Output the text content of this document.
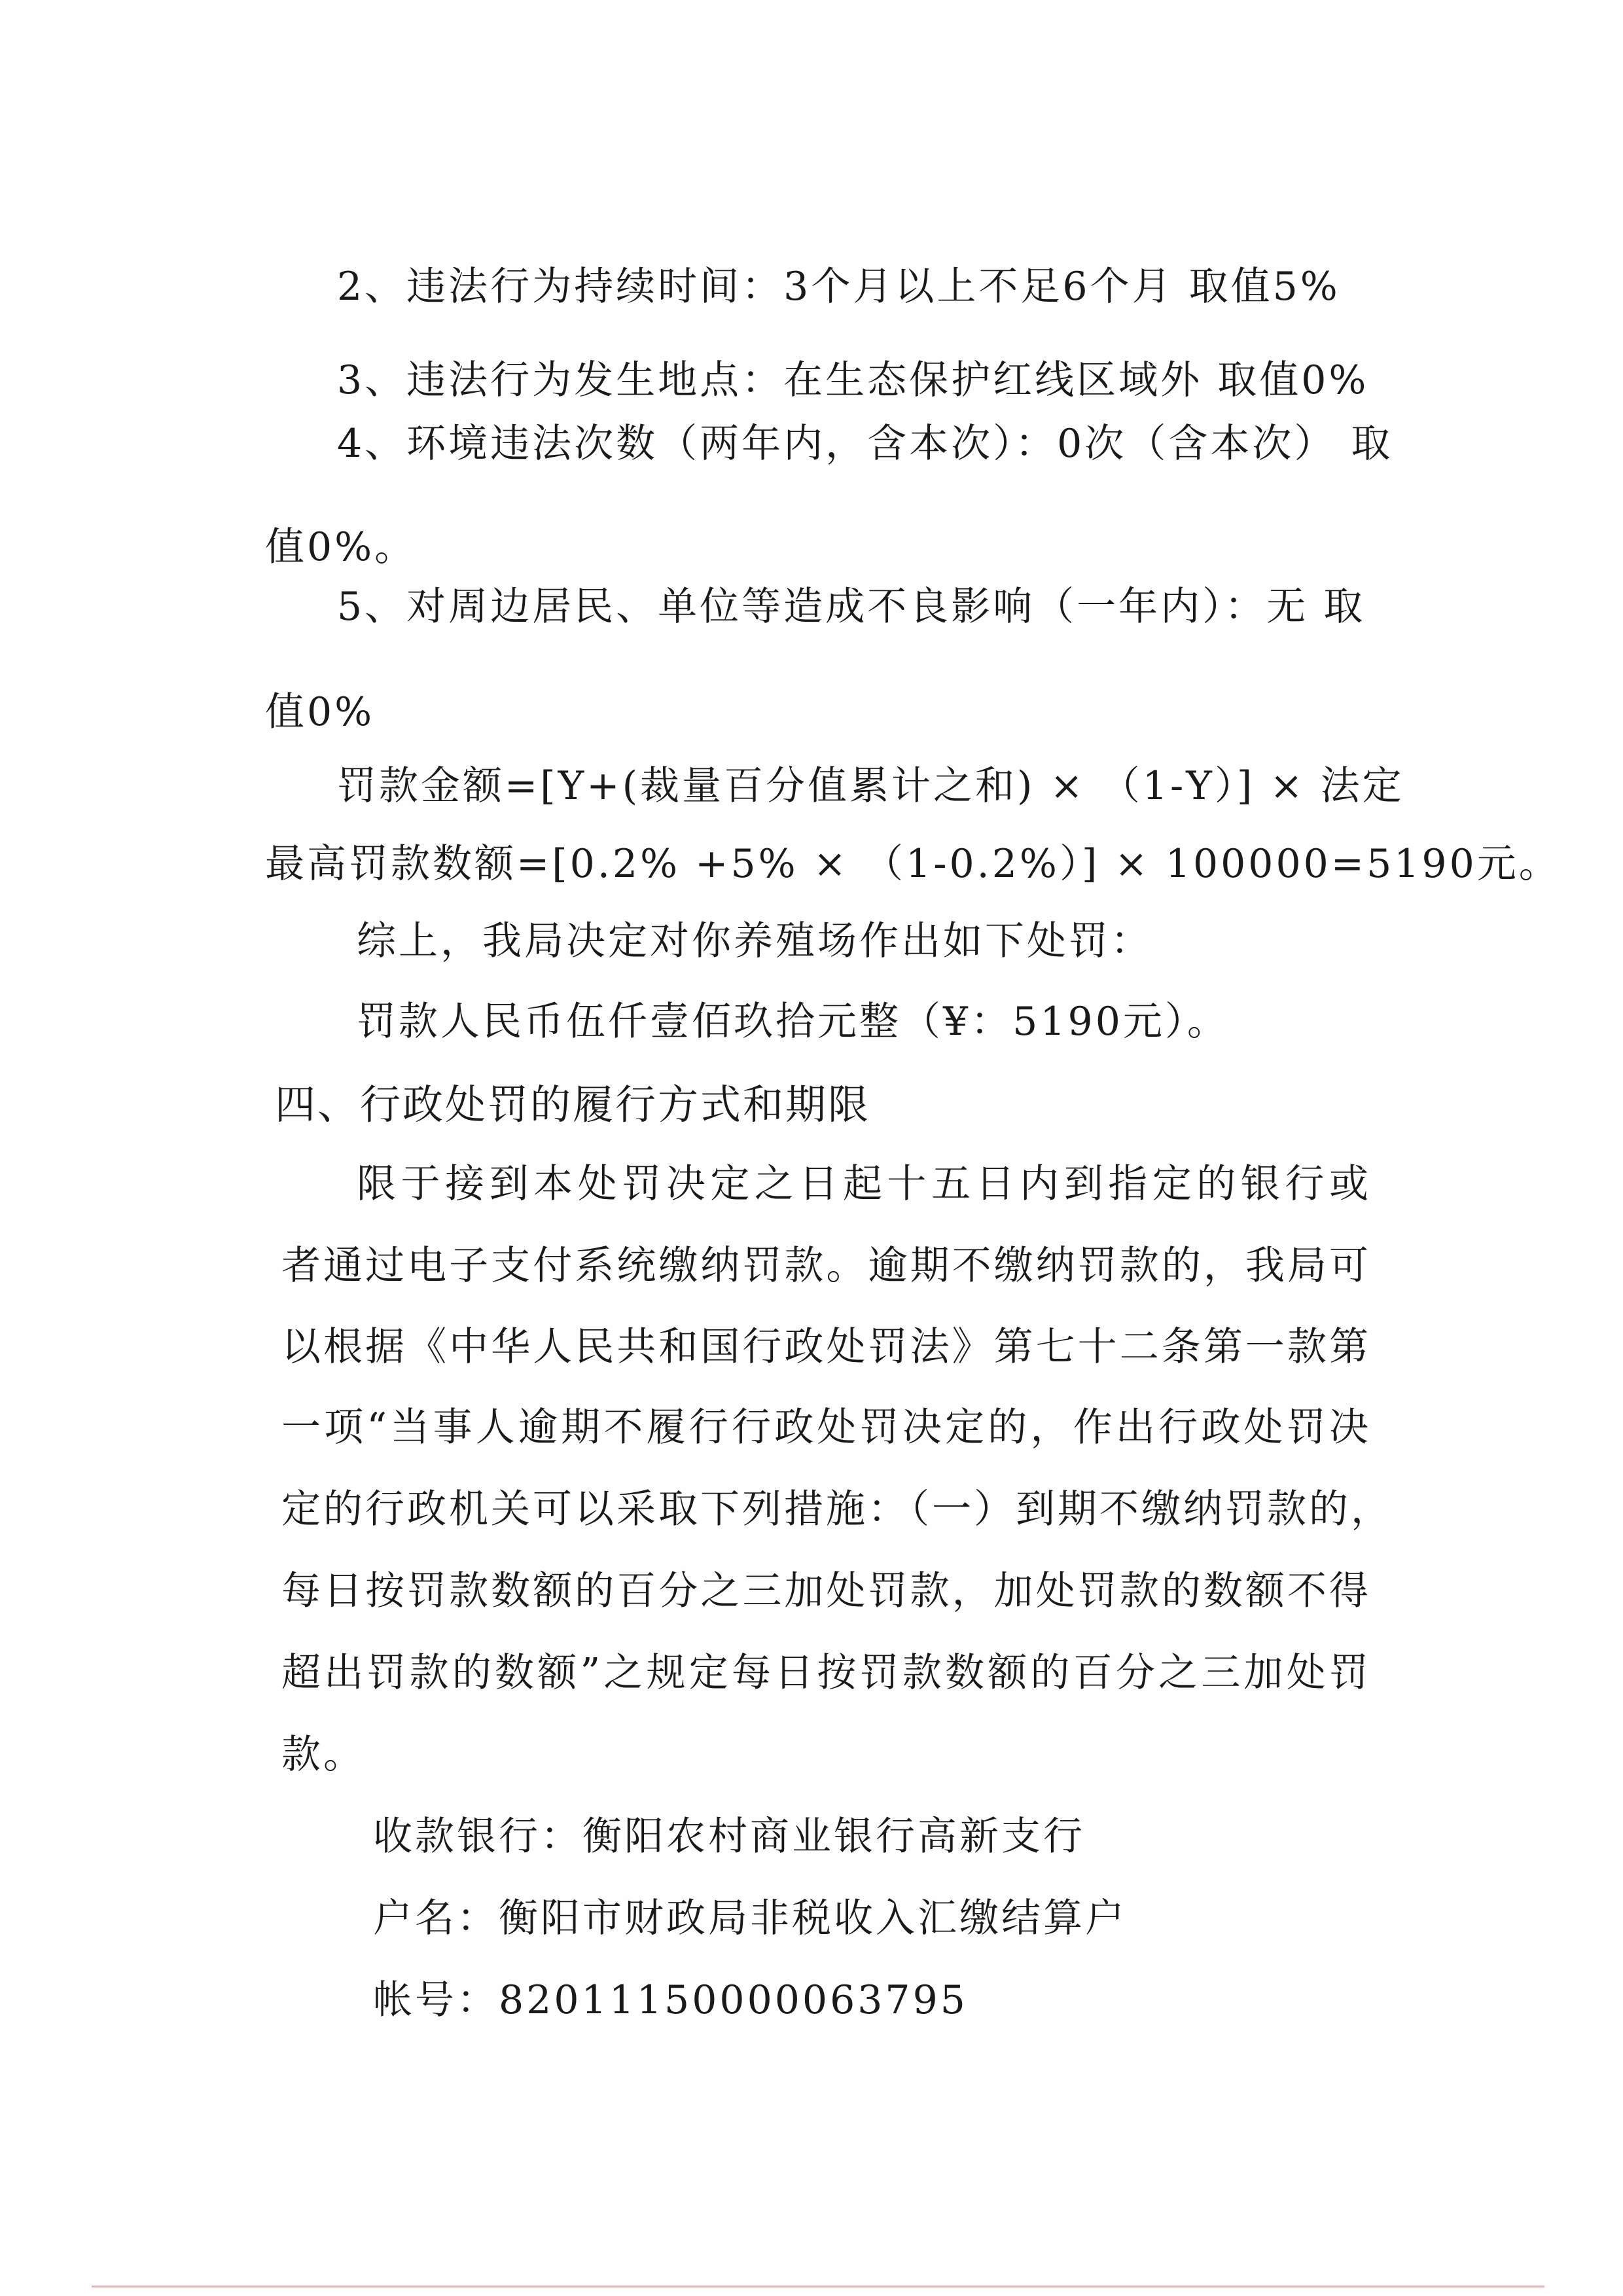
2、违法行为持续时间：3个月以上不足6个月 取值5%
3、违法行为发生地点：在生态保护红线区域外 取值0%
4、环境违法次数（两年内，含本次）：0次（含本次） 取
值0%。
5、对周边居民、单位等造成不良影响（一年内）：无 取
值0%
罚款金额=[Y+(裁量百分值累计之和) × （1-Y）] × 法定
最高罚款数额=[0.2% +5% × （1-0.2%）] × 100000=5190元。
综上，我局决定对你养殖场作出如下处罚：
罚款人民币伍仟壹佰玖拾元整（¥：5190元）。
四、行政处罚的履行方式和期限
限于接到本处罚决定之日起十五日内到指定的银行或
者通过电子支付系统缴纳罚款。逾期不缴纳罚款的，我局可
以根据《中华人民共和国行政处罚法》第七十二条第一款第
一项“当事人逾期不履行行政处罚决定的，作出行政处罚决
定的行政机关可以采取下列措施：（一）到期不缴纳罚款的，
每日按罚款数额的百分之三加处罚款，加处罚款的数额不得
超出罚款的数额”之规定每日按罚款数额的百分之三加处罚
款。
收款银行：衡阳农村商业银行高新支行
户名：衡阳市财政局非税收入汇缴结算户
帐号：82011150000063795
